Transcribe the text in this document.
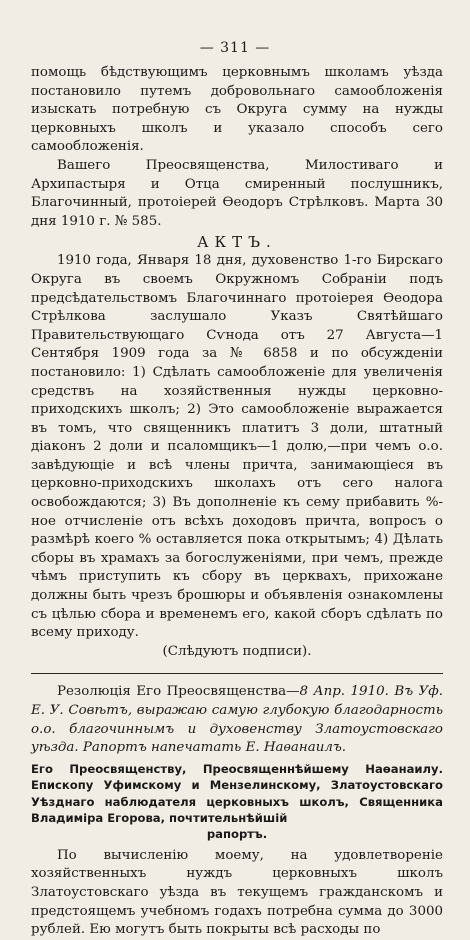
— 311 —

помощь бѣдствующимъ церковнымъ школамъ уѣзда постановило путемъ добровольнаго самообложенія изыскать потребную съ Округа сумму на нужды церковныхъ школъ и указало способъ сего самообложенія.

Вашего Преосвященства, Милостиваго и Архипастыря и Отца смиренный послушникъ, Благочинный, протоіерей Ѳеодоръ Стрѣлковъ. Марта 30 дня 1910 г. № 585.

АКТЪ.

1910 года, Января 18 дня, духовенство 1-го Бирскаго Округа въ своемъ Окружномъ Собраніи подъ предсѣдательствомъ Благочиннаго протоіерея Ѳеодора Стрѣлкова заслушало Указъ Святѣйшаго Правительствующаго Сѵнода отъ 27 Августа—1 Сентября 1909 года за № 6858 и по обсужденіи постановило: 1) Сдѣлать самообложеніе для увеличенія средствъ на хозяйственныя нужды церковно-приходскихъ школъ; 2) Это самообложеніе выражается въ томъ, что священникъ платитъ 3 доли, штатный діаконъ 2 доли и псаломщикъ—1 долю,—при чемъ о.о. завѣдующіе и всѣ члены причта, занимающіеся въ церковно-приходскихъ школахъ отъ сего налога освобождаются; 3) Въ дополненіе къ сему прибавить %-ное отчисленіе отъ всѣхъ доходовъ причта, вопросъ о размѣрѣ коего % оставляется пока открытымъ; 4) Дѣлать сборы въ храмахъ за богослуженіями, при чемъ, прежде чѣмъ приступить къ сбору въ церквахъ, прихожане должны быть чрезъ брошюры и объявленія ознакомлены съ цѣлью сбора и временемъ его, какой сборъ сдѣлать по всему приходу.

(Слѣдуютъ подписи).

Резолюція Его Преосвященства—8 Апр. 1910. Въ Уф. Е. У. Совѣтъ, выражаю самую глубокую благодарность о.о. благочиннымъ и духовенству Златоустовскаго уѣзда. Рапортъ напечатать Е. Наѳанаилъ.

Его Преосвященству, Преосвященнѣйшему Наѳанаилу. Епископу Уфимскому и Мензелинскому, Златоустовскаго Уѣзднаго наблюдателя церковныхъ школъ, Священника Владиміра Егорова, почтительнѣйшій
рапортъ.

По вычисленію моему, на удовлетвореніе хозяйственныхъ нуждъ церковныхъ школъ Златоустовскаго уѣзда въ текущемъ гражданскомъ и предстоящемъ учебномъ годахъ потребна сумма до 3000 рублей. Ею могутъ быть покрыты всѣ расходы по
